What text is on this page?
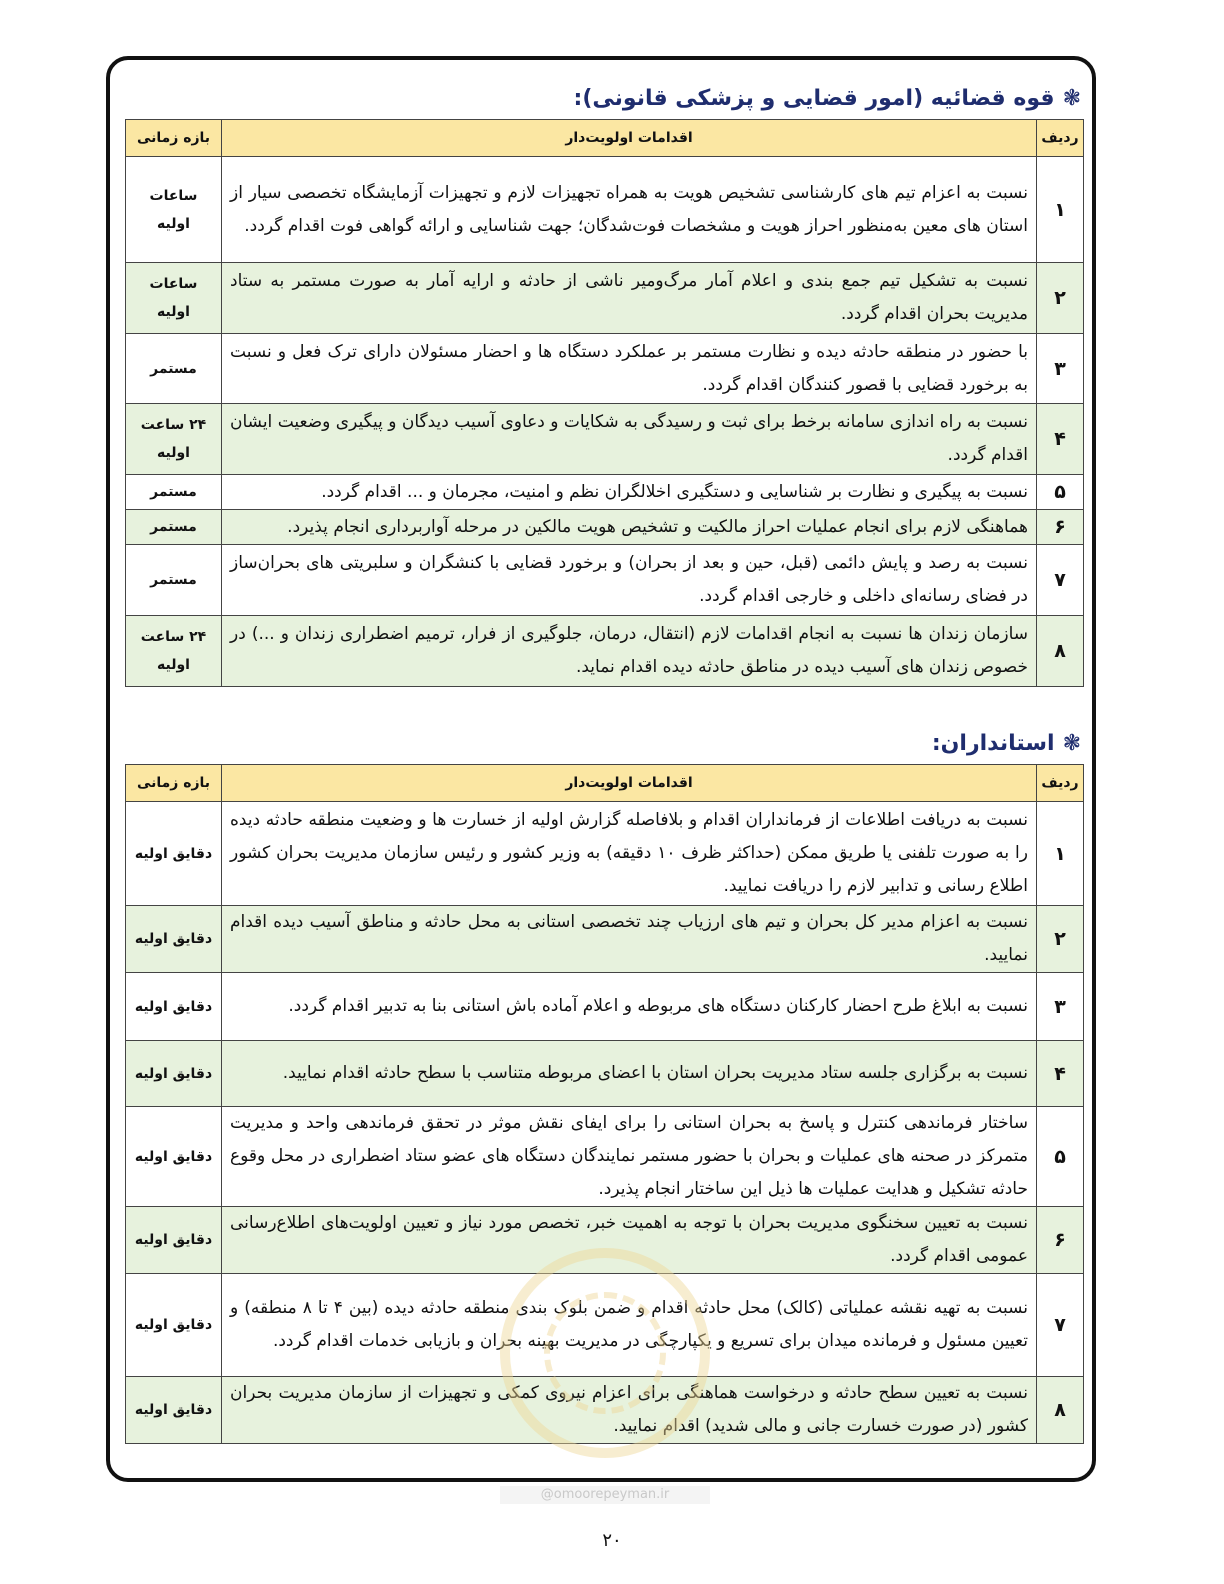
❃قوه قضائیه (امور قضایی و پزشکی قانونی):
ردیف	اقدامات اولویت‌دار	بازه زمانی
۱	نسبت به اعزام تیم های کارشناسی تشخیص هویت به همراه تجهیزات لازم و تجهیزات آزمایشگاه تخصصی سیار از استان های معین به‌منظور احراز هویت و مشخصات فوت‌شدگان؛ جهت شناسایی و ارائه گواهی فوت اقدام گردد.	ساعات اولیه
۲	نسبت به تشکیل تیم جمع بندی و اعلام آمار مرگ‌ومیر ناشی از حادثه و ارایه آمار به صورت مستمر به ستاد مدیریت بحران اقدام گردد.	ساعات اولیه
۳	با حضور در منطقه حادثه دیده و نظارت مستمر بر عملکرد دستگاه ها و احضار مسئولان دارای ترک فعل و نسبت به برخورد قضایی با قصور کنندگان اقدام گردد.	مستمر
۴	نسبت به راه اندازی سامانه برخط برای ثبت و رسیدگی به شکایات و دعاوی آسیب دیدگان و پیگیری وضعیت ایشان اقدام گردد.	۲۴ ساعت اولیه
۵	نسبت به پیگیری و نظارت بر شناسایی و دستگیری اخلالگران نظم و امنیت، مجرمان و ... اقدام گردد.	مستمر
۶	هماهنگی لازم برای انجام عملیات احراز مالکیت و تشخیص هویت مالکین در مرحله آواربرداری انجام پذیرد.	مستمر
۷	نسبت به رصد و پایش دائمی (قبل، حین و بعد از بحران) و برخورد قضایی با کنشگران و سلبریتی های بحران‌ساز در فضای رسانه‌ای داخلی و خارجی اقدام گردد.	مستمر
۸	سازمان زندان ها نسبت به انجام اقدامات لازم (انتقال، درمان، جلوگیری از فرار، ترمیم اضطراری زندان و ...) در خصوص زندان های آسیب دیده در مناطق حادثه دیده اقدام نماید.	۲۴ ساعت اولیه
❃استانداران:
ردیف	اقدامات اولویت‌دار	بازه زمانی
۱	نسبت به دریافت اطلاعات از فرمانداران اقدام و بلافاصله گزارش اولیه از خسارت ها و وضعیت منطقه حادثه دیده را به صورت تلفنی یا طریق ممکن (حداکثر ظرف ۱۰ دقیقه) به وزیر کشور و رئیس سازمان مدیریت بحران کشور اطلاع رسانی و تدابیر لازم را دریافت نمایید.	دقایق اولیه
۲	نسبت به اعزام مدیر کل بحران و تیم های ارزیاب چند تخصصی استانی به محل حادثه و مناطق آسیب دیده اقدام نمایید.	دقایق اولیه
۳	نسبت به ابلاغ طرح احضار کارکنان دستگاه های مربوطه و اعلام آماده باش استانی بنا به تدبیر اقدام گردد.	دقایق اولیه
۴	نسبت به برگزاری جلسه ستاد مدیریت بحران استان با اعضای مربوطه متناسب با سطح حادثه اقدام نمایید.	دقایق اولیه
۵	ساختار فرماندهی کنترل و پاسخ به بحران استانی را برای ایفای نقش موثر در تحقق فرماندهی واحد و مدیریت متمرکز در صحنه های عملیات و بحران با حضور مستمر نمایندگان دستگاه های عضو ستاد اضطراری در محل وقوع حادثه تشکیل و هدایت عملیات ها ذیل این ساختار انجام پذیرد.	دقایق اولیه
۶	نسبت به تعیین سخنگوی مدیریت بحران با توجه به اهمیت خبر، تخصص مورد نیاز و تعیین اولویت‌های اطلاع‌رسانی عمومی اقدام گردد.	دقایق اولیه
۷	نسبت به تهیه نقشه عملیاتی (کالک) محل حادثه اقدام و ضمن بلوک بندی منطقه حادثه دیده (بین ۴ تا ۸ منطقه) و تعیین مسئول و فرمانده میدان برای تسریع و یکپارچگی در مدیریت بهینه بحران و بازیابی خدمات اقدام گردد.	دقایق اولیه
۸	نسبت به تعیین سطح حادثه و درخواست هماهنگی برای اعزام نیروی کمکی و تجهیزات از سازمان مدیریت بحران کشور (در صورت خسارت جانی و مالی شدید) اقدام نمایید.	دقایق اولیه
@omoorepeyman.ir
۲۰
